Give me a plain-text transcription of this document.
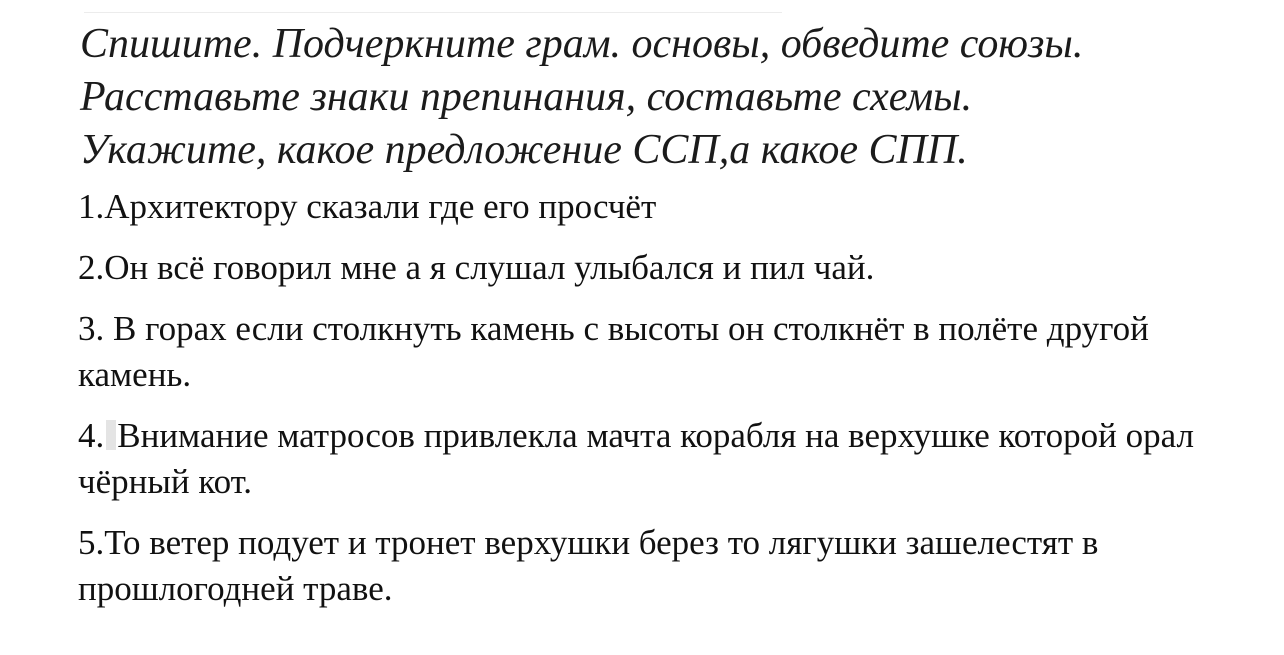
Спишите. Подчеркните грам. основы, обведите союзы.
Расставьте знаки препинания, составьте схемы.
Укажите, какое предложение ССП,а какое СПП.

1.Архитектору сказали где его просчёт

2.Он всё говорил мне а я слушал улыбался и пил чай.

3. В горах если столкнуть камень с высоты он столкнёт в полёте другой камень.

4. Внимание матросов привлекла мачта корабля на верхушке которой орал чёрный кот.

5.То ветер подует и тронет верхушки берез то лягушки зашелестят в прошлогодней траве.
